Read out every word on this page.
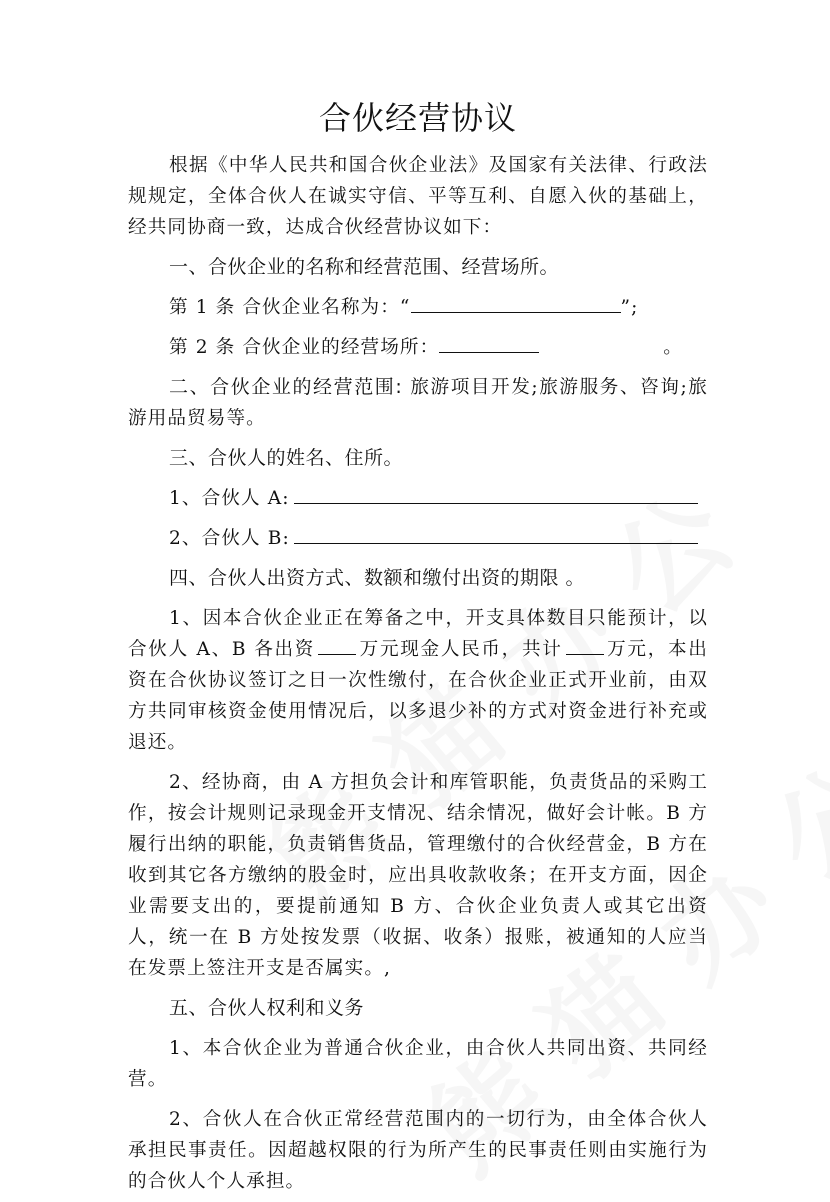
合伙经营协议

根据《中华人民共和国合伙企业法》及国家有关法律、行政法规规定，全体合伙人在诚实守信、平等互利、自愿入伙的基础上，经共同协商一致，达成合伙经营协议如下：

一、合伙企业的名称和经营范围、经营场所。

第 1 条 合伙企业名称为：“	”;

第 2 条 合伙企业的经营场所：	。

二、合伙企业的经营范围: 旅游项目开发;旅游服务、咨询;旅游用品贸易等。

三、合伙人的姓名、住所。

1、合伙人 A:

2、合伙人 B:

四、合伙人出资方式、数额和缴付出资的期限 。

1、因本合伙企业正在筹备之中，开支具体数目只能预计，以合伙人 A、B 各出资 万元现金人民币，共计 万元，本出资在合伙协议签订之日一次性缴付，在合伙企业正式开业前，由双方共同审核资金使用情况后，以多退少补的方式对资金进行补充或退还。

2、经协商，由 A 方担负会计和库管职能，负责货品的采购工作，按会计规则记录现金开支情况、结余情况，做好会计帐。B 方履行出纳的职能，负责销售货品，管理缴付的合伙经营金，B 方在收到其它各方缴纳的股金时，应出具收款收条；在开支方面，因企业需要支出的，要提前通知 B 方、合伙企业负责人或其它出资人，统一在 B 方处按发票（收据、收条）报账，被通知的人应当在发票上签注开支是否属实。,

五、合伙人权利和义务

1、本合伙企业为普通合伙企业，由合伙人共同出资、共同经营。

2、合伙人在合伙正常经营范围内的一切行为，由全体合伙人承担民事责任。因超越权限的行为所产生的民事责任则由实施行为的合伙人个人承担。
